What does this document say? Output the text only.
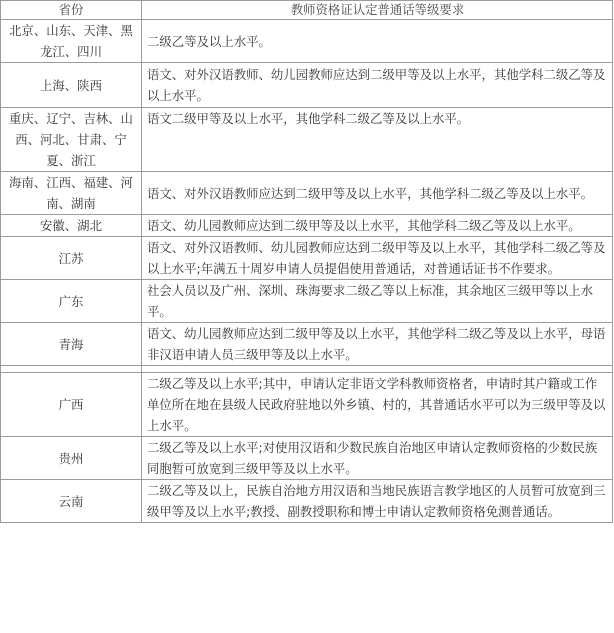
省份	教师资格证认定普通话等级要求
北京、山东、天津、黑龙江、四川	二级乙等及以上水平。
上海、陕西	语文、对外汉语教师、幼儿园教师应达到二级甲等及以上水平，其他学科二级乙等及以上水平。
重庆、辽宁、吉林、山西、河北、甘肃、宁夏、浙江	语文二级甲等及以上水平，其他学科二级乙等及以上水平。
海南、江西、福建、河南、湖南	语文、对外汉语教师应达到二级甲等及以上水平，其他学科二级乙等及以上水平。
安徽、湖北	语文、幼儿园教师应达到二级甲等及以上水平，其他学科二级乙等及以上水平。
江苏	语文、对外汉语教师、幼儿园教师应达到二级甲等及以上水平，其他学科二级乙等及以上水平;年满五十周岁申请人员提倡使用普通话，对普通话证书不作要求。
广东	社会人员以及广州、深圳、珠海要求二级乙等以上标准，其余地区三级甲等以上水平。
青海	语文、幼儿园教师应达到二级甲等及以上水平，其他学科二级乙等及以上水平，母语非汉语申请人员三级甲等及以上水平。

广西	二级乙等及以上水平;其中，申请认定非语文学科教师资格者，申请时其户籍或工作单位所在地在县级人民政府驻地以外乡镇、村的，其普通话水平可以为三级甲等及以上水平。
贵州	二级乙等及以上水平;对使用汉语和少数民族自治地区申请认定教师资格的少数民族同胞暂可放宽到三级甲等及以上水平。
云南	二级乙等及以上，民族自治地方用汉语和当地民族语言教学地区的人员暂可放宽到三级甲等及以上水平;教授、副教授职称和博士申请认定教师资格免测普通话。
